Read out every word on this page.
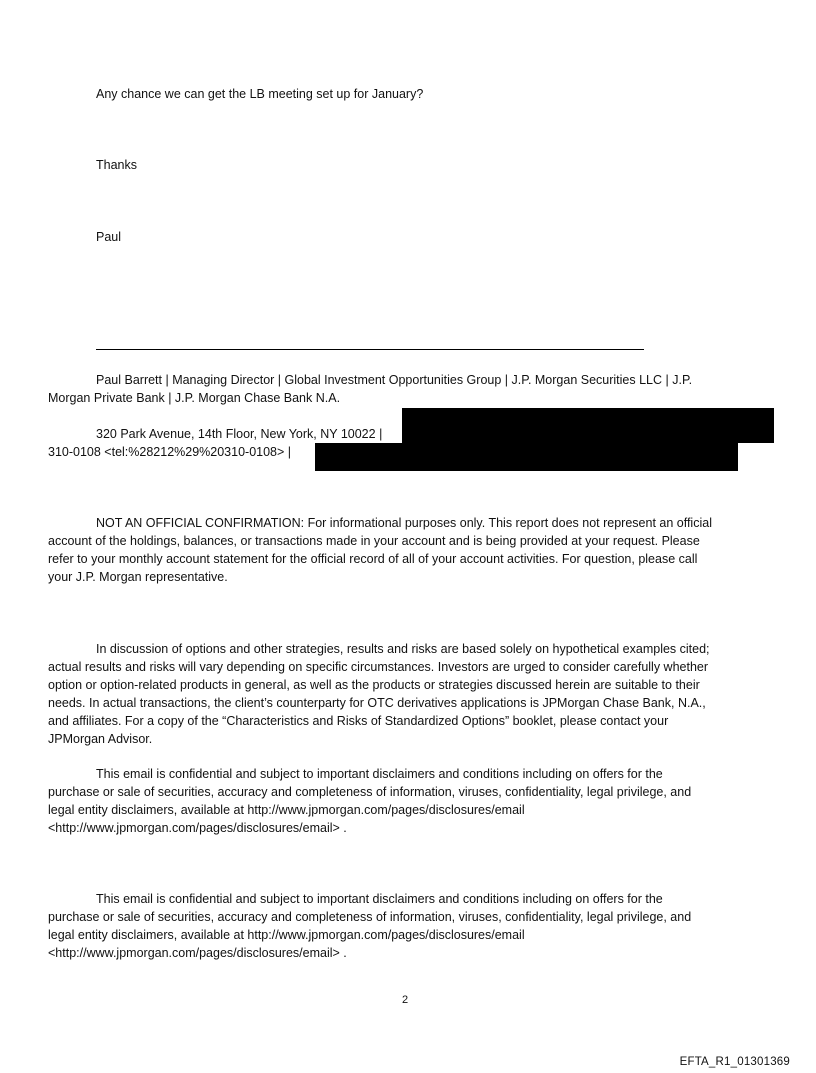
Any chance we can get the LB meeting set up for January?
Thanks
Paul
Paul Barrett | Managing Director | Global Investment Opportunities Group | J.P. Morgan Securities LLC | J.P.
Morgan Private Bank | J.P. Morgan Chase Bank N.A.
320 Park Avenue, 14th Floor, New York, NY 10022 |
310-0108 <tel:%28212%29%20310-0108> |
NOT AN OFFICIAL CONFIRMATION: For informational purposes only. This report does not represent an official
account of the holdings, balances, or transactions made in your account and is being provided at your request. Please
refer to your monthly account statement for the official record of all of your account activities. For question, please call
your J.P. Morgan representative.
In discussion of options and other strategies, results and risks are based solely on hypothetical examples cited;
actual results and risks will vary depending on specific circumstances. Investors are urged to consider carefully whether
option or option-related products in general, as well as the products or strategies discussed herein are suitable to their
needs. In actual transactions, the client’s counterparty for OTC derivatives applications is JPMorgan Chase Bank, N.A.,
and affiliates. For a copy of the “Characteristics and Risks of Standardized Options” booklet, please contact your
JPMorgan Advisor.
This email is confidential and subject to important disclaimers and conditions including on offers for the
purchase or sale of securities, accuracy and completeness of information, viruses, confidentiality, legal privilege, and
legal entity disclaimers, available at http://www.jpmorgan.com/pages/disclosures/email
<http://www.jpmorgan.com/pages/disclosures/email> .
This email is confidential and subject to important disclaimers and conditions including on offers for the
purchase or sale of securities, accuracy and completeness of information, viruses, confidentiality, legal privilege, and
legal entity disclaimers, available at http://www.jpmorgan.com/pages/disclosures/email
<http://www.jpmorgan.com/pages/disclosures/email> .
2
EFTA_R1_01301369
